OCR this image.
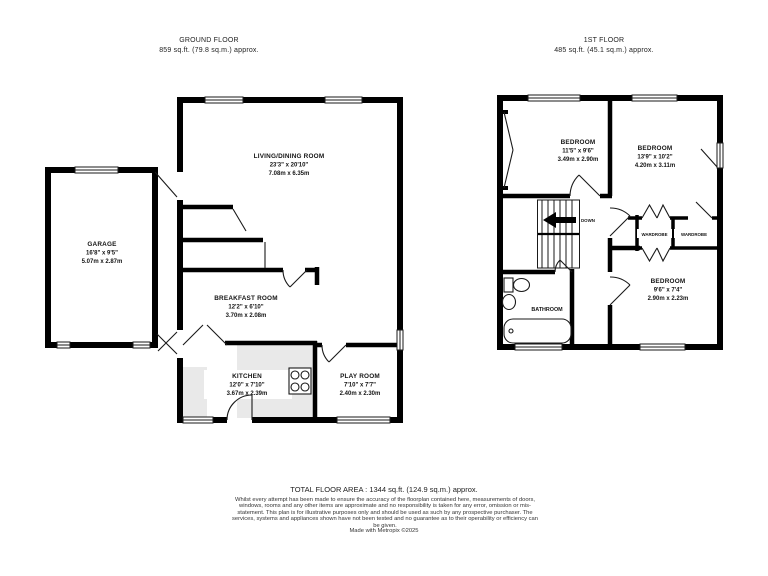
GROUND FLOOR
859 sq.ft. (79.8 sq.m.) approx.
1ST FLOOR
485 sq.ft. (45.1 sq.m.) approx.
LIVING/DINING ROOM
23'3" x 20'10"
7.08m x 6.35m
GARAGE
16'8" x 9'5"
5.07m x 2.87m
BREAKFAST ROOM
12'2" x 6'10"
3.70m x 2.08m
KITCHEN
12'0" x 7'10"
3.67m x 2.39m
PLAY ROOM
7'10" x 7'7"
2.40m x 2.30m
DOWN
BEDROOM
11'5" x 9'6"
3.49m x 2.90m
BEDROOM
13'9" x 10'2"
4.20m x 3.11m
BEDROOM
9'6" x 7'4"
2.90m x 2.23m
BATHROOM
WARDROBE	WARDROBE
TOTAL FLOOR AREA : 1344 sq.ft. (124.9 sq.m.) approx.
Whilst every attempt has been made to ensure the accuracy of the floorplan contained here, measurements of doors, windows, rooms and any other items are approximate and no responsibility is taken for any error, omission or mis-statement. This plan is for illustrative purposes only and should be used as such by any prospective purchaser. The services, systems and appliances shown have not been tested and no guarantee as to their operability or efficiency can be given.
Made with Metropix ©2025
